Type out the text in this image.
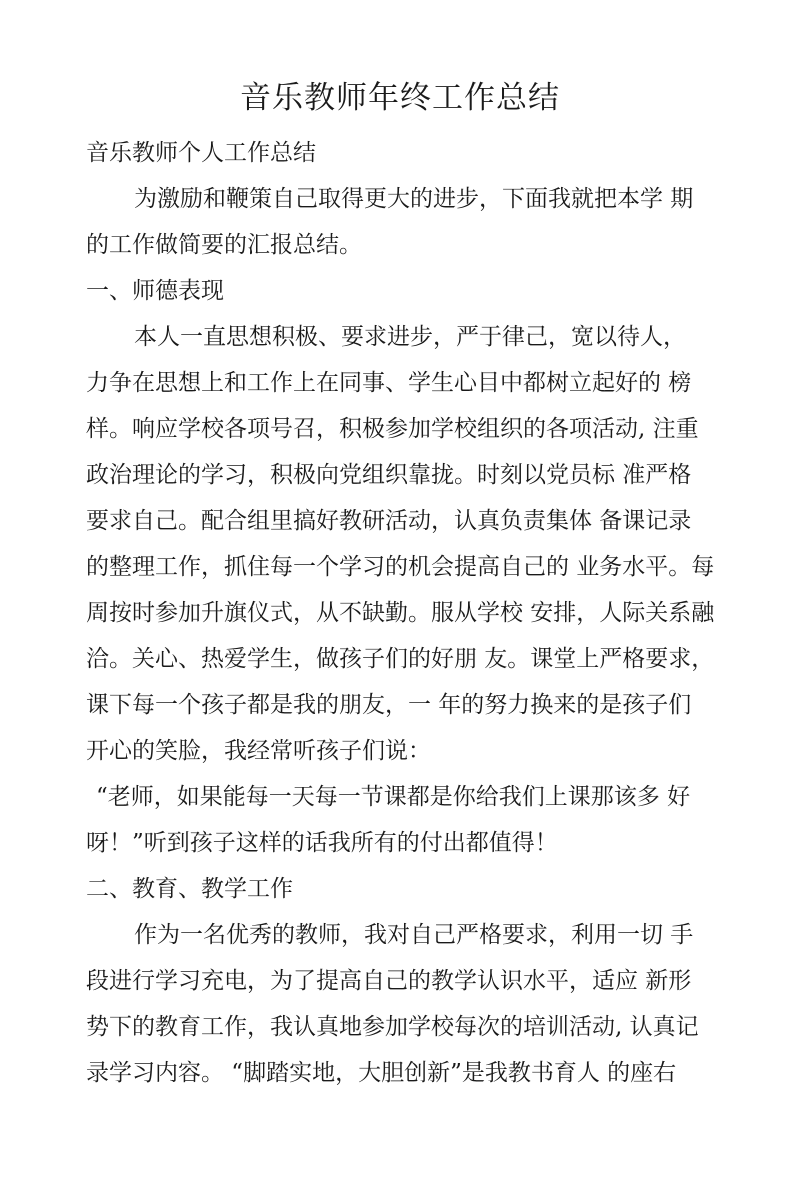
音乐教师年终工作总结
音乐教师个人工作总结
为激励和鞭策自己取得更大的进步，下面我就把本学 期
的工作做简要的汇报总结。
一、师德表现
本人一直思想积极、要求进步，严于律己，宽以待人，
力争在思想上和工作上在同事、学生心目中都树立起好的 榜
样。响应学校各项号召，积极参加学校组织的各项活动, 注重
政治理论的学习，积极向党组织靠拢。时刻以党员标 准严格
要求自己。配合组里搞好教研活动，认真负责集体 备课记录
的整理工作，抓住每一个学习的机会提高自己的 业务水平。每
周按时参加升旗仪式，从不缺勤。服从学校 安排，人际关系融
洽。关心、热爱学生，做孩子们的好朋 友。课堂上严格要求，
课下每一个孩子都是我的朋友，一 年的努力换来的是孩子们
开心的笑脸，我经常听孩子们说：
“老师，如果能每一天每一节课都是你给我们上课那该多 好
呀！”听到孩子这样的话我所有的付出都值得！
二、教育、教学工作
作为一名优秀的教师，我对自己严格要求，利用一切 手
段进行学习充电，为了提高自己的教学认识水平，适应 新形
势下的教育工作，我认真地参加学校每次的培训活动, 认真记
录学习内容。 “脚踏实地，大胆创新”是我教书育人 的座右
